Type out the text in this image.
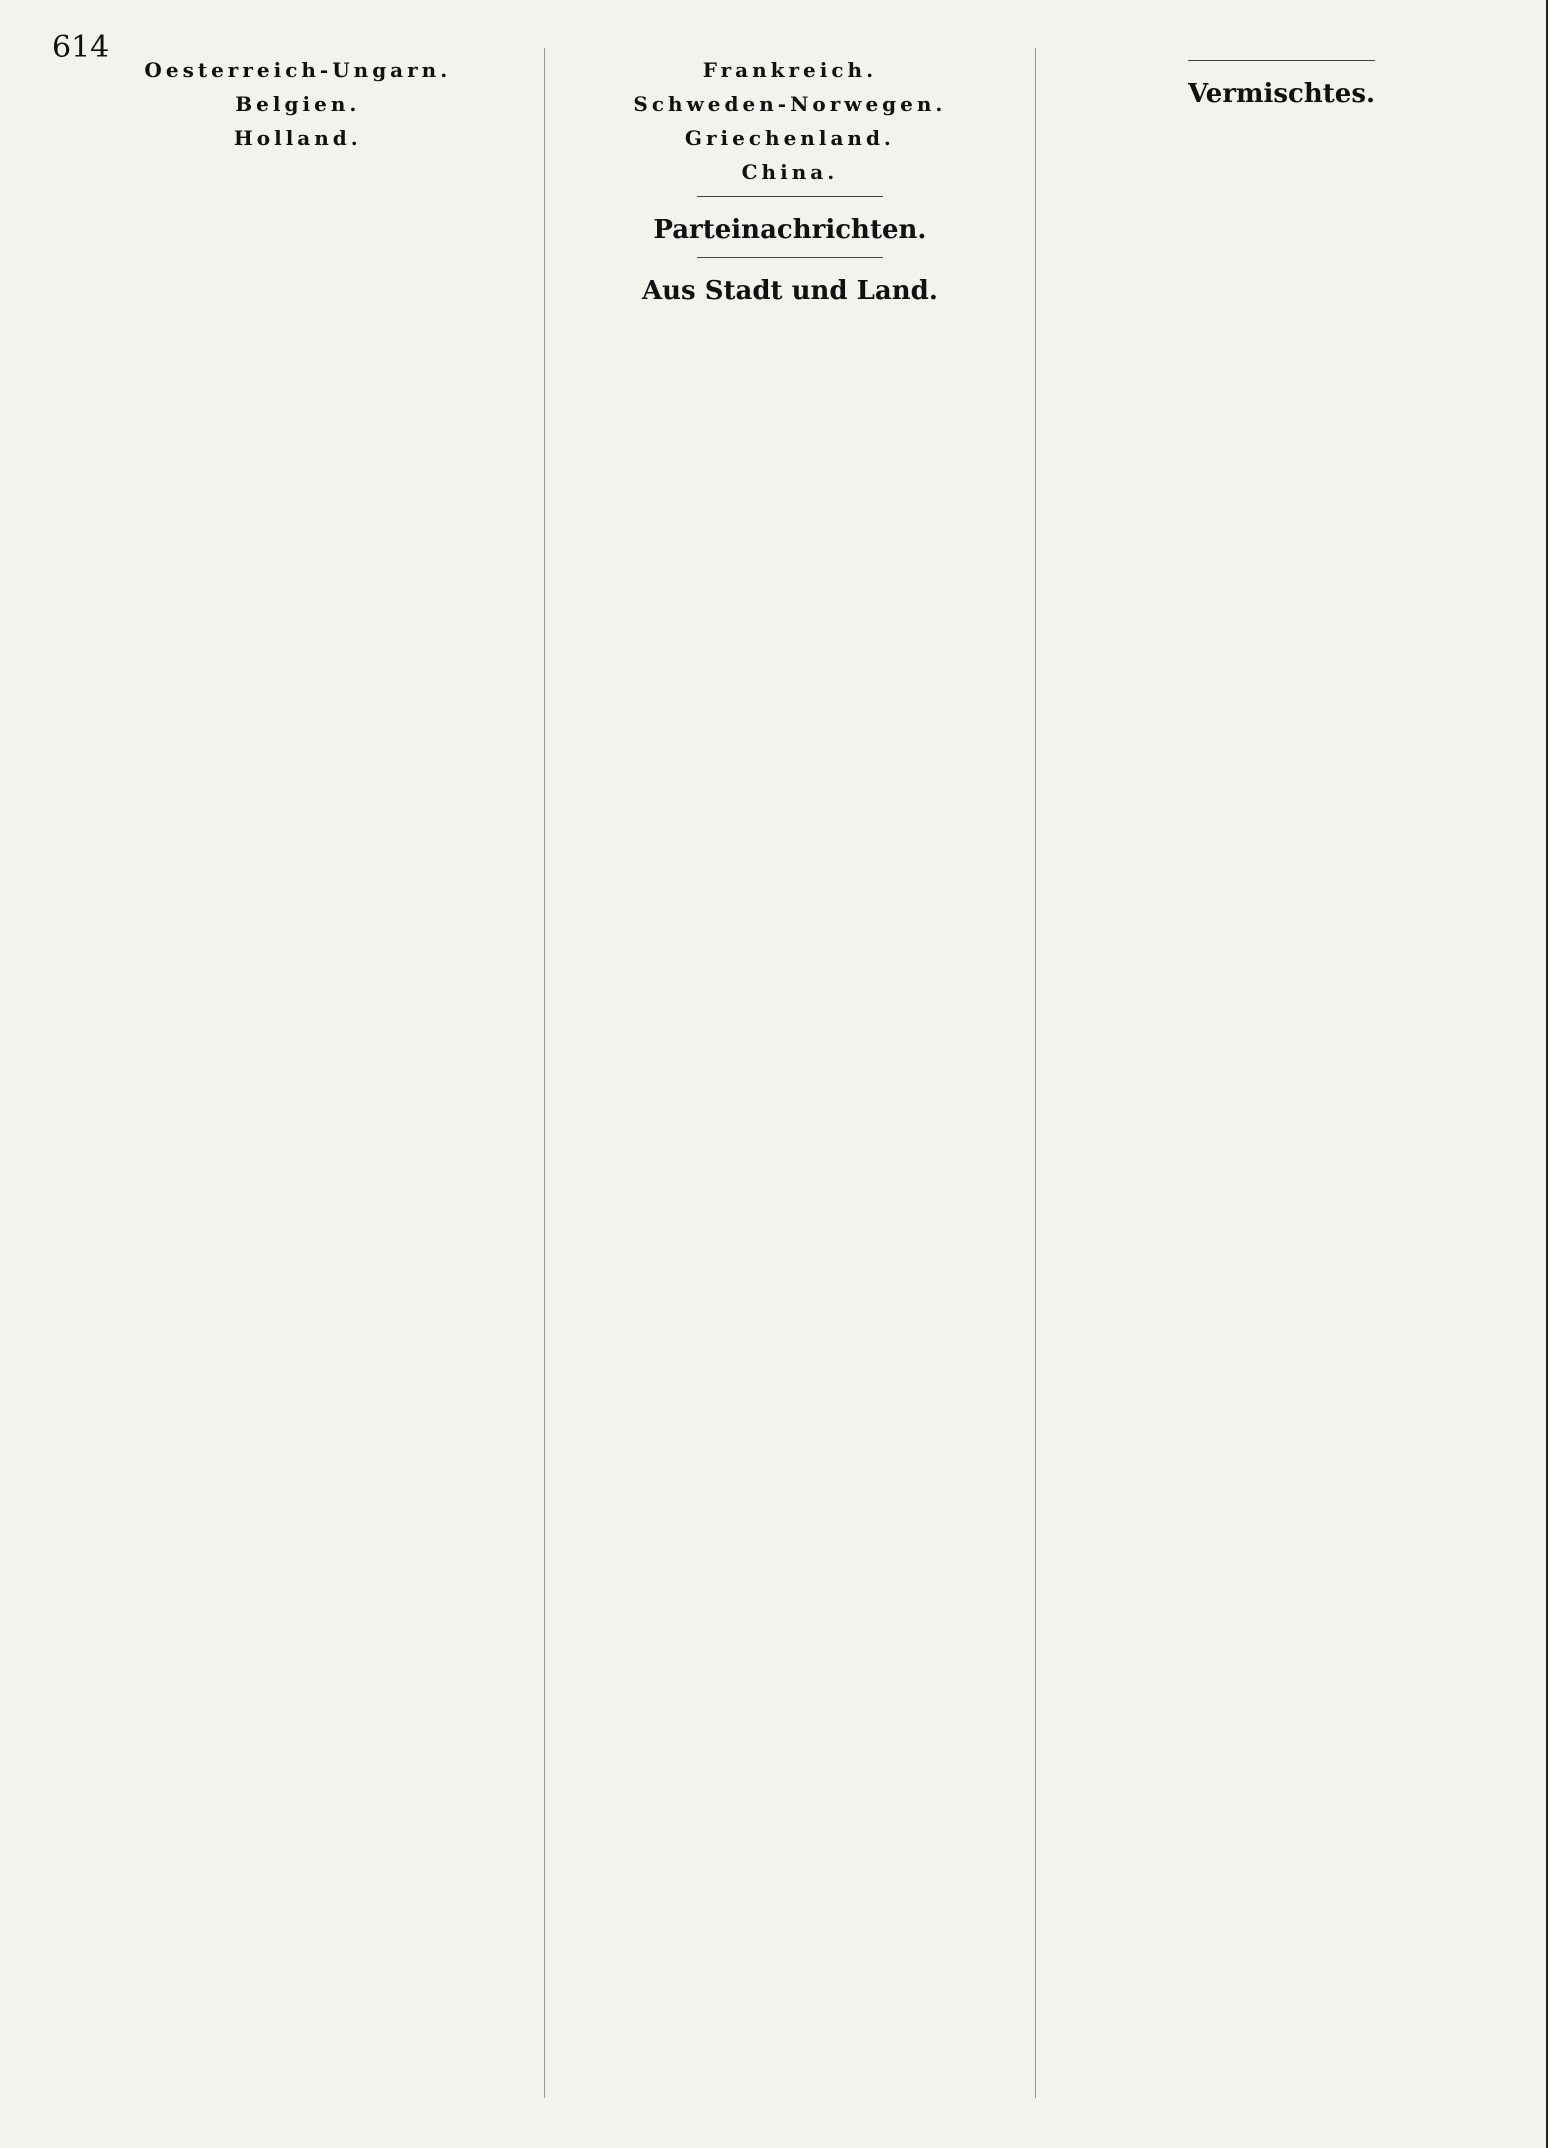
614

Oesterreich-Ungarn.

Belgien.

Holland.

Frankreich.

Schweden-Norwegen.

Griechenland.

China.

Parteinachrichten.

Aus Stadt und Land.

Vermischtes.
